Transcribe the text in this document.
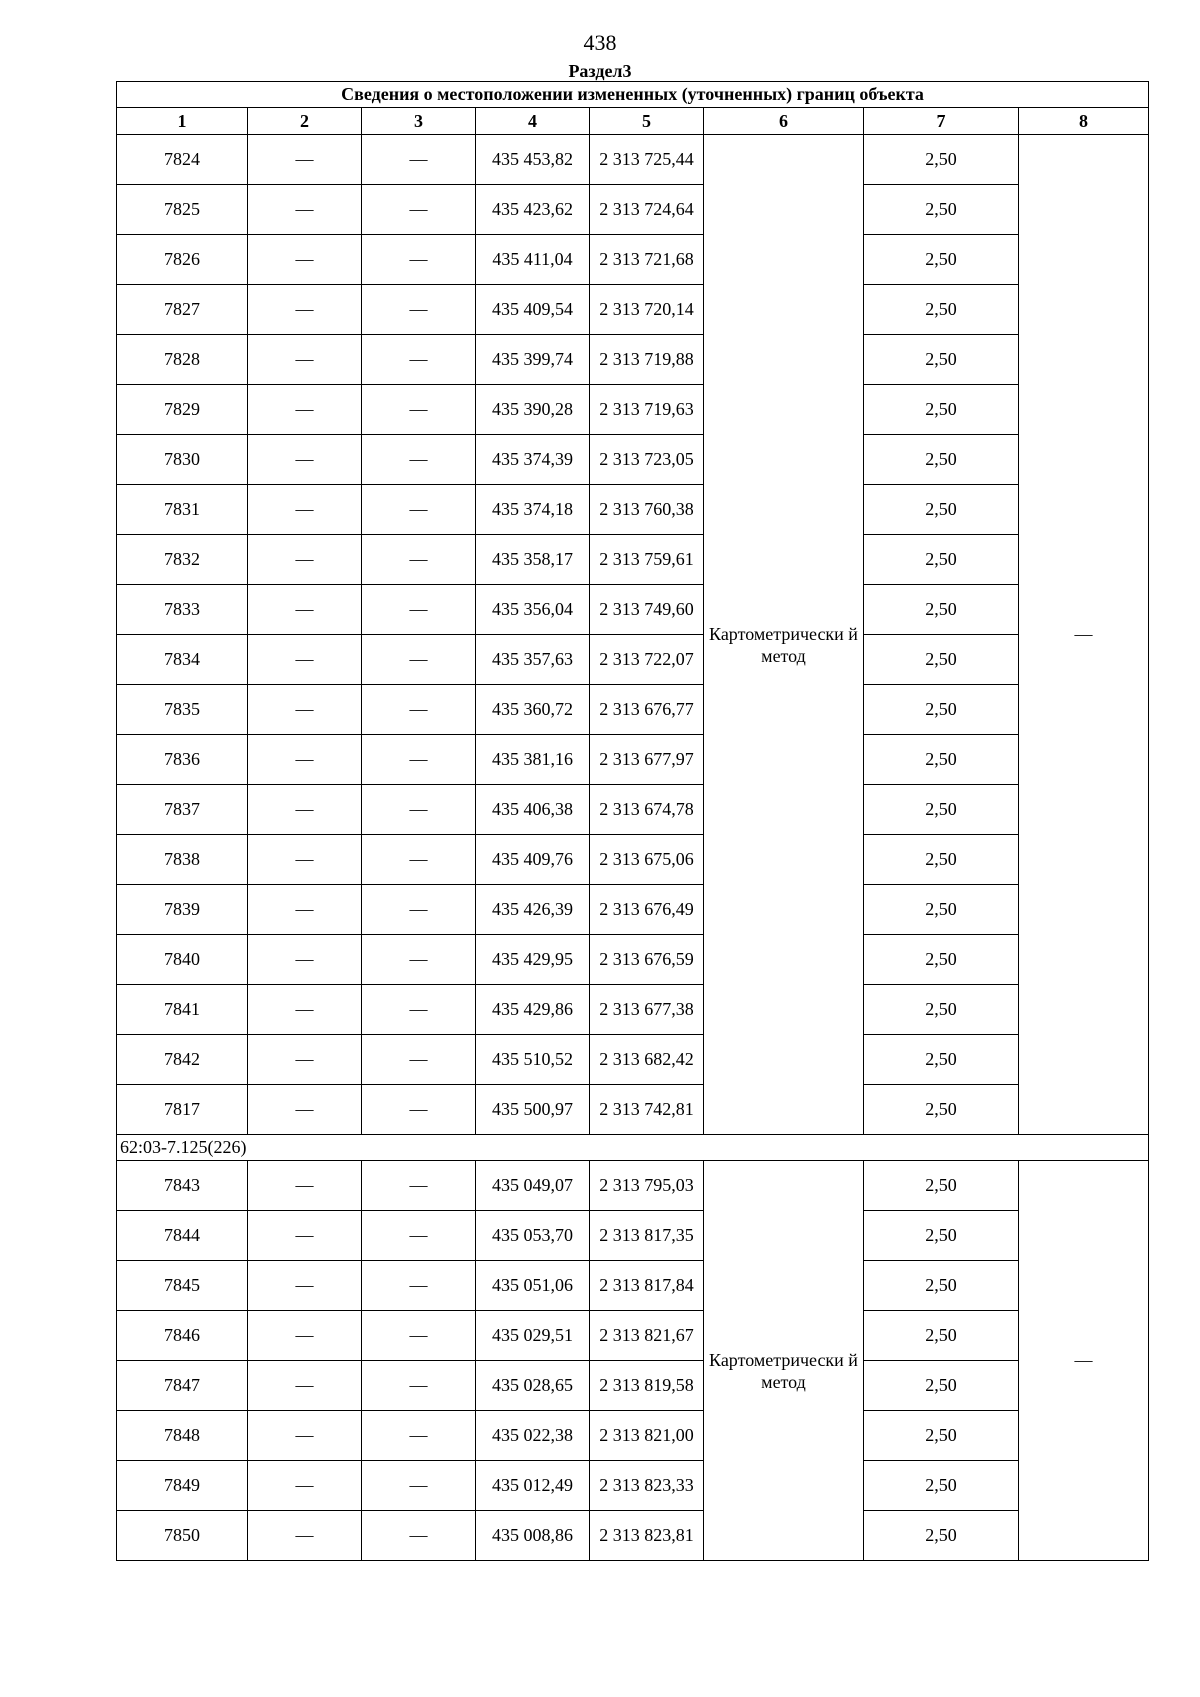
438
Раздел3
Сведения о местоположении измененных (уточненных) границ объекта							
1	2	3	4	5	6	7	8
7824	—	—	435 453,82	2 313 725,44	Картометрически й метод	2,50	—
7825	—	—	435 423,62	2 313 724,64		2,50	
7826	—	—	435 411,04	2 313 721,68		2,50	
7827	—	—	435 409,54	2 313 720,14		2,50	
7828	—	—	435 399,74	2 313 719,88		2,50	
7829	—	—	435 390,28	2 313 719,63		2,50	
7830	—	—	435 374,39	2 313 723,05		2,50	
7831	—	—	435 374,18	2 313 760,38		2,50	
7832	—	—	435 358,17	2 313 759,61		2,50	
7833	—	—	435 356,04	2 313 749,60		2,50	
7834	—	—	435 357,63	2 313 722,07		2,50	
7835	—	—	435 360,72	2 313 676,77		2,50	
7836	—	—	435 381,16	2 313 677,97		2,50	
7837	—	—	435 406,38	2 313 674,78		2,50	
7838	—	—	435 409,76	2 313 675,06		2,50	
7839	—	—	435 426,39	2 313 676,49		2,50	
7840	—	—	435 429,95	2 313 676,59		2,50	
7841	—	—	435 429,86	2 313 677,38		2,50	
7842	—	—	435 510,52	2 313 682,42		2,50	
7817	—	—	435 500,97	2 313 742,81		2,50	
62:03-7.125(226)							
7843	—	—	435 049,07	2 313 795,03	Картометрически й метод	2,50	—
7844	—	—	435 053,70	2 313 817,35		2,50	
7845	—	—	435 051,06	2 313 817,84		2,50	
7846	—	—	435 029,51	2 313 821,67		2,50	
7847	—	—	435 028,65	2 313 819,58		2,50	
7848	—	—	435 022,38	2 313 821,00		2,50	
7849	—	—	435 012,49	2 313 823,33		2,50	
7850	—	—	435 008,86	2 313 823,81		2,50	
